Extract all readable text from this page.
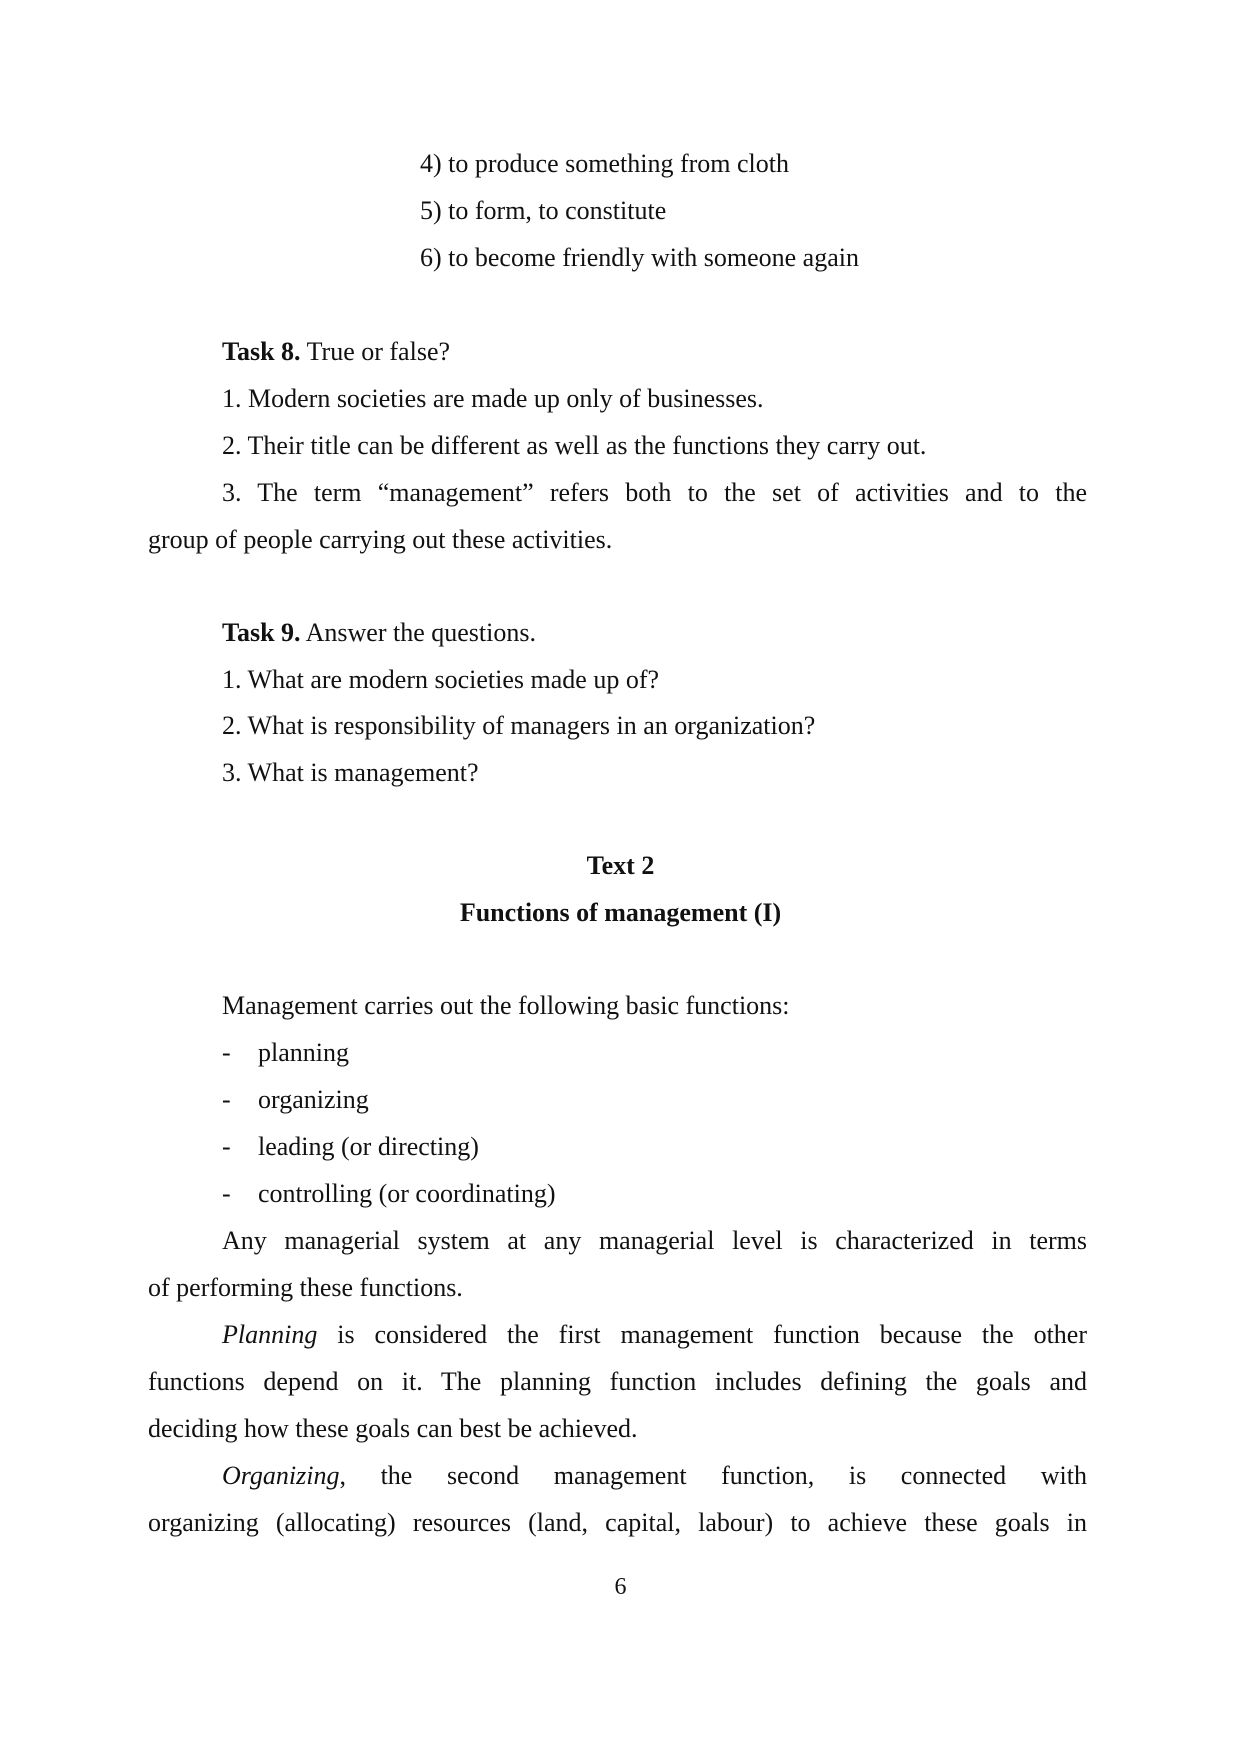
4) to produce something from cloth
5) to form, to constitute
6) to become friendly with someone again
Task 8. True or false?
1. Modern societies are made up only of businesses.
2. Their title can be different as well as the functions they carry out.
3. The term “management” refers both to the set of activities and to the
group of people carrying out these activities.
Task 9. Answer the questions.
1. What are modern societies made up of?
2. What is responsibility of managers in an organization?
3. What is management?
Text 2
Functions of management (I)
Management carries out the following basic functions:
- planning
- organizing
- leading (or directing)
- controlling (or coordinating)
Any managerial system at any managerial level is characterized in terms
of performing these functions.
Planning is considered the first management function because the other
functions depend on it. The planning function includes defining the goals and
deciding how these goals can best be achieved.
Organizing, the second management function, is connected with
organizing (allocating) resources (land, capital, labour) to achieve these goals in
6
